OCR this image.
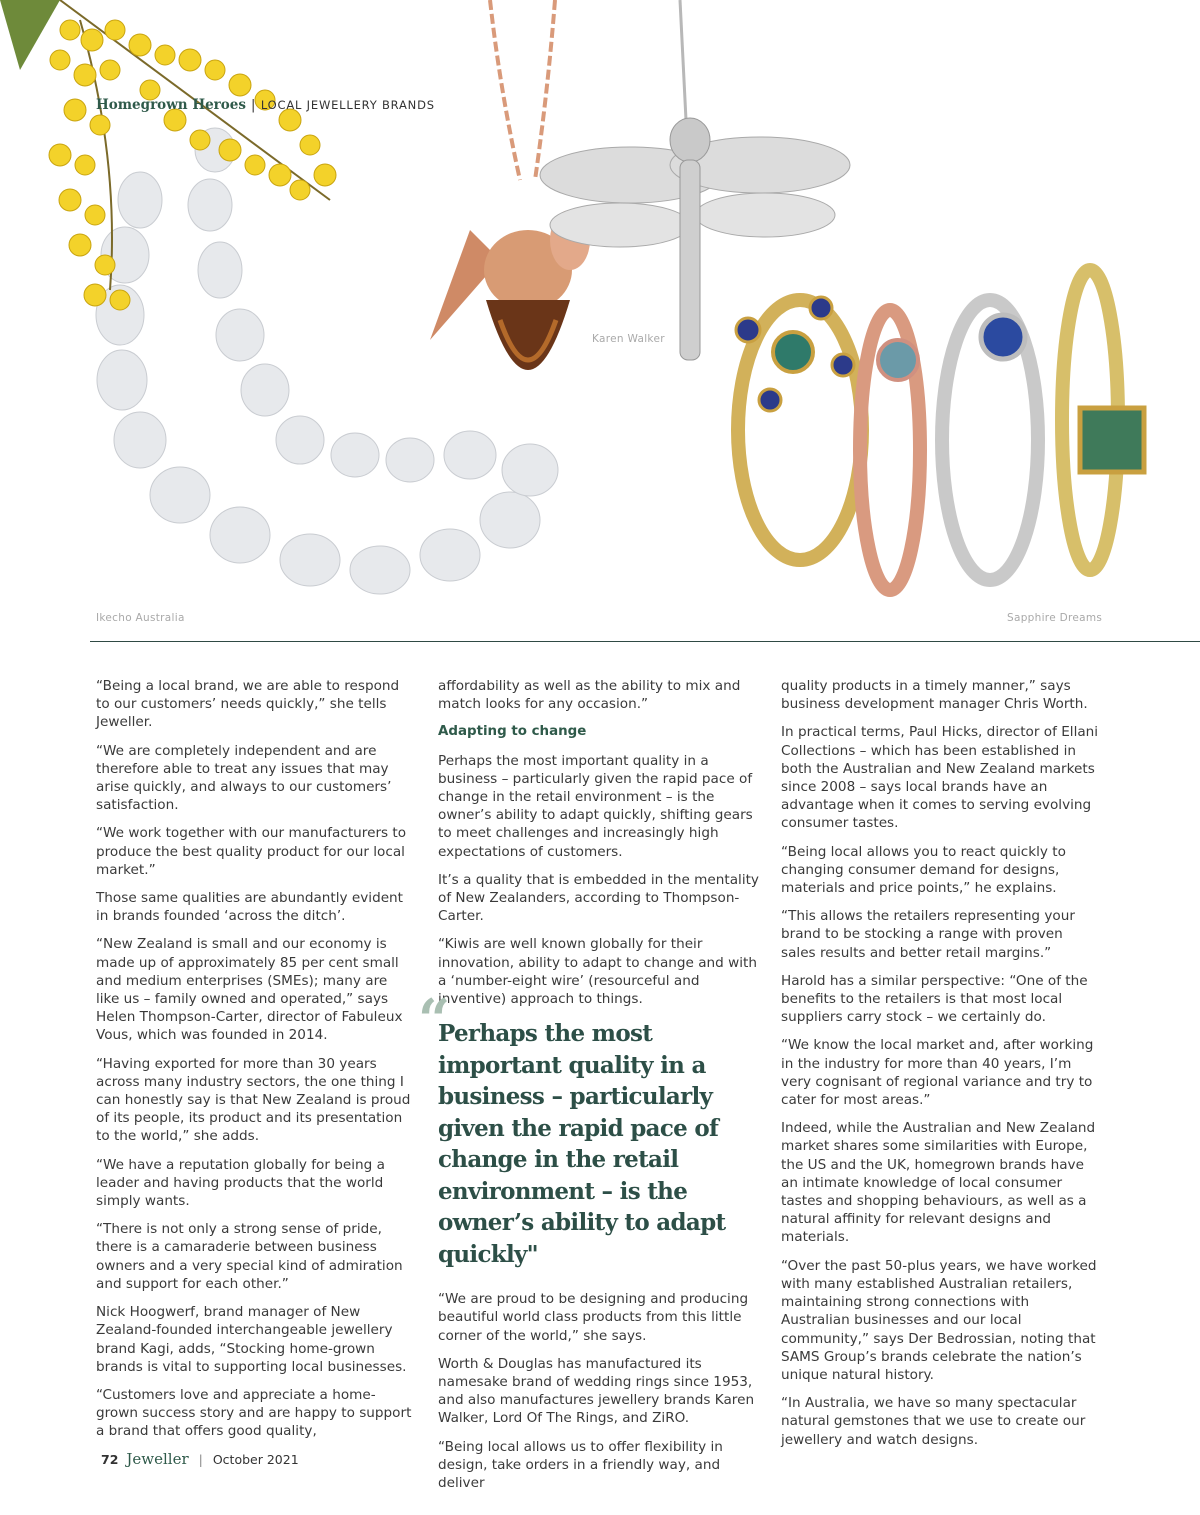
Homegrown Heroes | LOCAL JEWELLERY BRANDS
Ikecho Australia
Karen Walker
Sapphire Dreams

“Being a local brand, we are able to respond to our customers’ needs quickly,” she tells Jeweller.

“We are completely independent and are therefore able to treat any issues that may arise quickly, and always to our customers’ satisfaction.

“We work together with our manufacturers to produce the best quality product for our local market.”

Those same qualities are abundantly evident in brands founded ‘across the ditch’.

“New Zealand is small and our economy is made up of approximately 85 per cent small and medium enterprises (SMEs); many are like us – family owned and operated,” says Helen Thompson-Carter, director of Fabuleux Vous, which was founded in 2014.

“Having exported for more than 30 years across many industry sectors, the one thing I can honestly say is that New Zealand is proud of its people, its product and its presentation to the world,” she adds.

“We have a reputation globally for being a leader and having products that the world simply wants.

“There is not only a strong sense of pride, there is a camaraderie between business owners and a very special kind of admiration and support for each other.”

Nick Hoogwerf, brand manager of New Zealand-founded interchangeable jewellery brand Kagi, adds, “Stocking home-grown brands is vital to supporting local businesses.

“Customers love and appreciate a home-grown success story and are happy to support a brand that offers good quality,

affordability as well as the ability to mix and match looks for any occasion.”

Adapting to change

Perhaps the most important quality in a business – particularly given the rapid pace of change in the retail environment – is the owner’s ability to adapt quickly, shifting gears to meet challenges and increasingly high expectations of customers.

It’s a quality that is embedded in the mentality of New Zealanders, according to Thompson-Carter.

“Kiwis are well known globally for their innovation, ability to adapt to change and with a ‘number-eight wire’ (resourceful and inventive) approach to things.

“
Perhaps the most important quality in a business – particularly given the rapid pace of change in the retail environment – is the owner’s ability to adapt quickly"

“We are proud to be designing and producing beautiful world class products from this little corner of the world,” she says.

Worth & Douglas has manufactured its namesake brand of wedding rings since 1953, and also manufactures jewellery brands Karen Walker, Lord Of The Rings, and ZiRO.

“Being local allows us to offer flexibility in design, take orders in a friendly way, and deliver

quality products in a timely manner,” says business development manager Chris Worth.

In practical terms, Paul Hicks, director of Ellani Collections – which has been established in both the Australian and New Zealand markets since 2008 – says local brands have an advantage when it comes to serving evolving consumer tastes.

“Being local allows you to react quickly to changing consumer demand for designs, materials and price points,” he explains.

“This allows the retailers representing your brand to be stocking a range with proven sales results and better retail margins.”

Harold has a similar perspective: “One of the benefits to the retailers is that most local suppliers carry stock – we certainly do.

“We know the local market and, after working in the industry for more than 40 years, I’m very cognisant of regional variance and try to cater for most areas.”

Indeed, while the Australian and New Zealand market shares some similarities with Europe, the US and the UK, homegrown brands have an intimate knowledge of local consumer tastes and shopping behaviours, as well as a natural affinity for relevant designs and materials.

“Over the past 50-plus years, we have worked with many established Australian retailers, maintaining strong connections with Australian businesses and our local community,” says Der Bedrossian, noting that SAMS Group’s brands celebrate the nation’s unique natural history.

“In Australia, we have so many spectacular natural gemstones that we use to create our jewellery and watch designs.

72 Jeweller | October 2021
